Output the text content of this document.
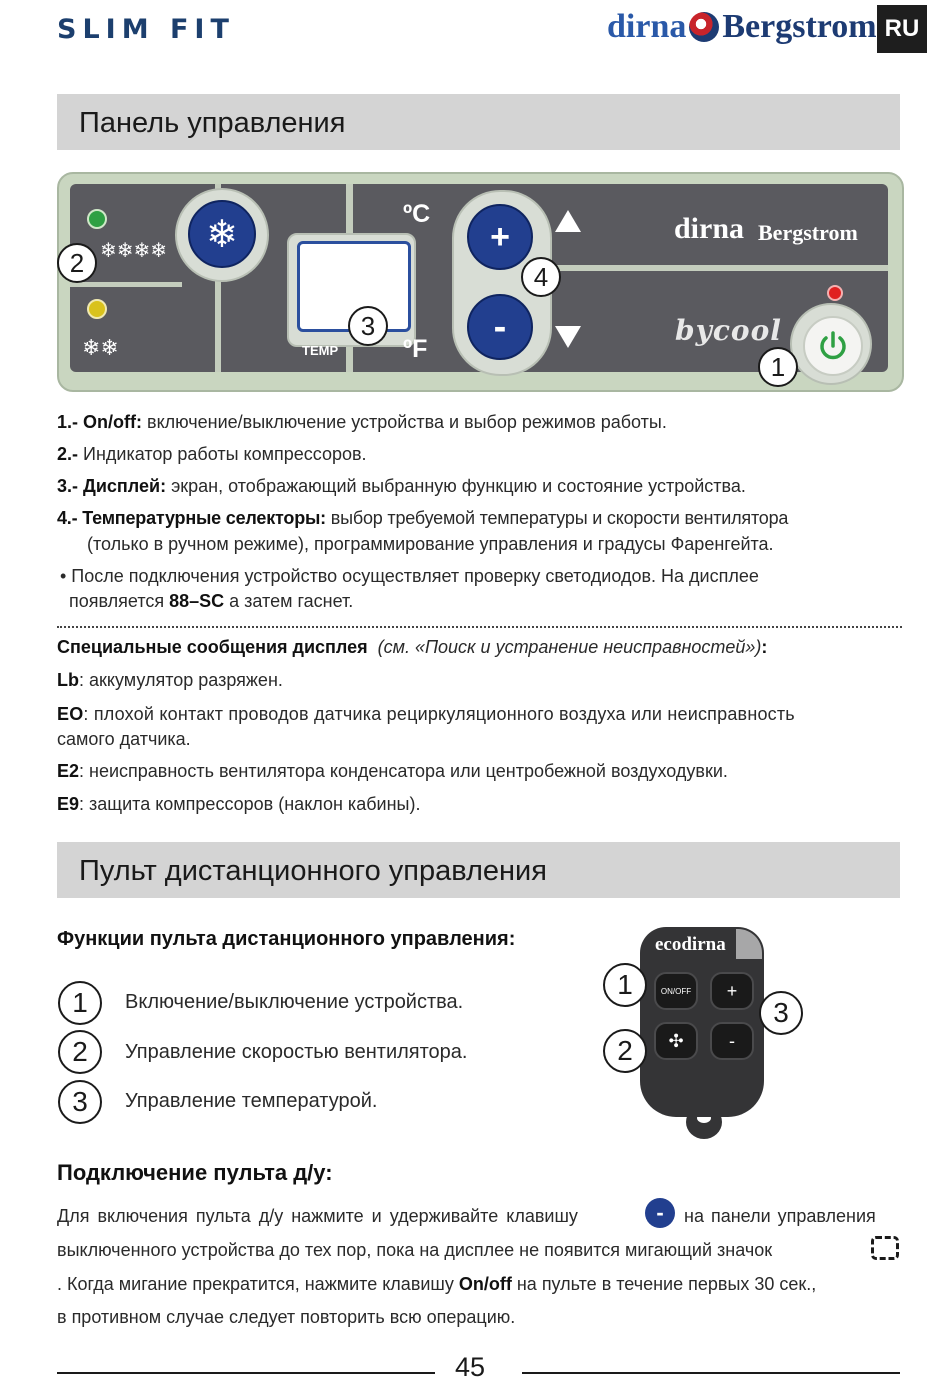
SLIM FIT	dirna Bergstrom RU
Панель управления
❄❄❄❄
❄❄
❄
TEMP
ºC
ºF
+
-
dirna Bergstrom
bycool
1
2
3
4
1.- On/off: включение/выключение устройства и выбор режимов работы.
2.- Индикатор работы компрессоров.
3.- Дисплей: экран, отображающий выбранную функцию и состояние устройства.
4.- Температурные селекторы: выбор требуемой температуры и скорости вентилятора
(только в ручном режиме), программирование управления и градусы Фаренгейта.
• После подключения устройство осуществляет проверку светодиодов. На дисплее
появляется 88–SC а затем гаснет.
Специальные сообщения дисплея (см. «Поиск и устранение неисправностей»):
Lb: аккумулятор разряжен.
EO: плохой контакт проводов датчика рециркуляционного воздуха или неисправность
самого датчика.
E2: неисправность вентилятора конденсатора или центробежной воздуходувки.
E9: защита компрессоров (наклон кабины).
Пульт дистанционного управления
Функции пульта дистанционного управления:
1	Включение/выключение устройства.
2	Управление скоростью вентилятора.
3	Управление температурой.
ecodirna
ON/OFF	+
✣	-
1
2
3
Подключение пульта д/у:
Для включения пульта д/у нажмите и удерживайте клавишу	-	на панели управления
выключенного устройства до тех пор, пока на дисплее не появится мигающий значок
. Когда мигание прекратится, нажмите клавишу On/off на пульте в течение первых 30 сек.,
в противном случае следует повторить всю операцию.
45
